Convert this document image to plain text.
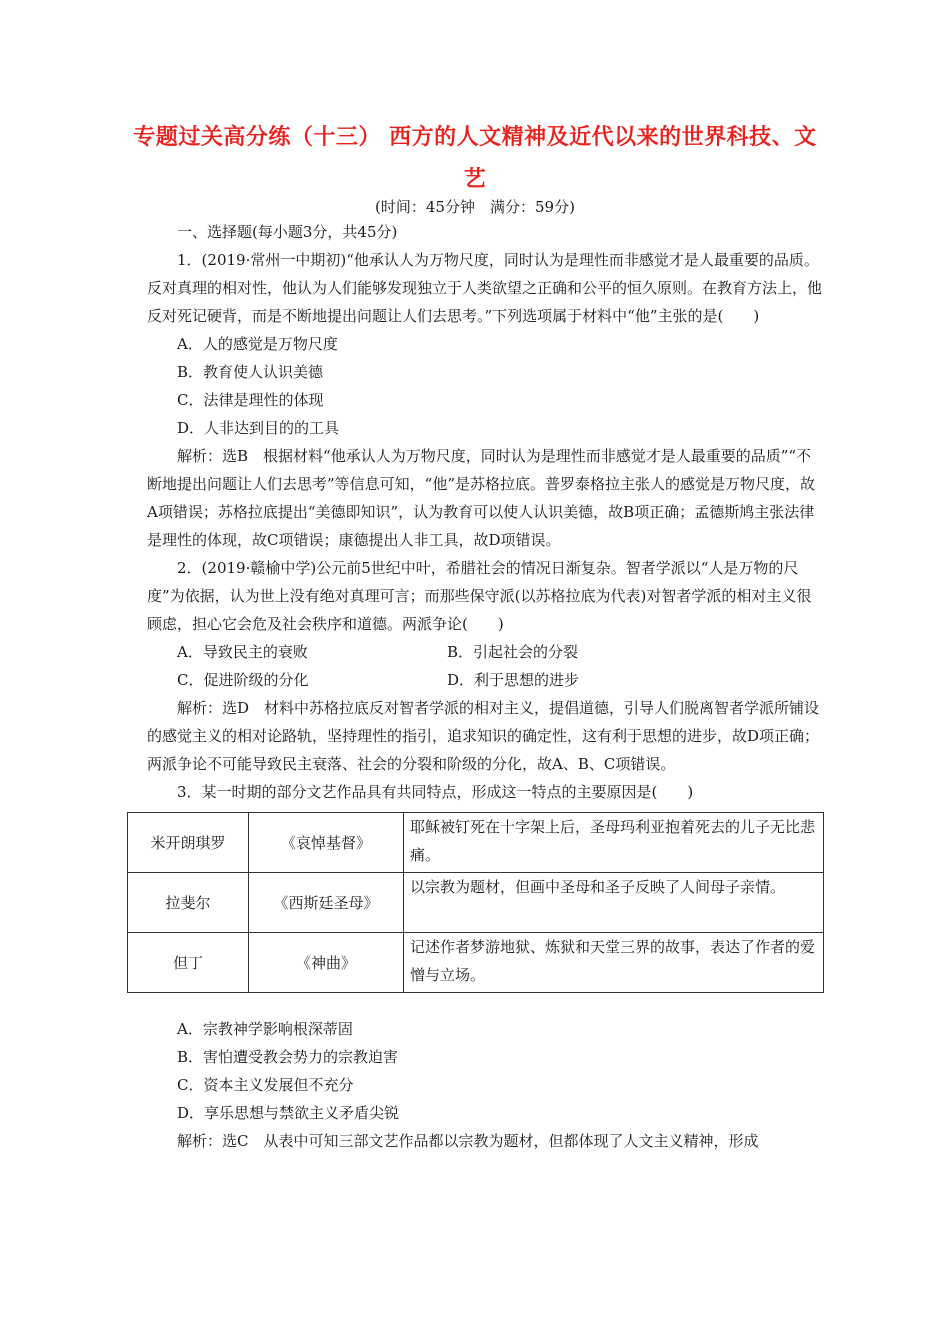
专题过关高分练（十三） 西方的人文精神及近代以来的世界科技、文艺
(时间：45分钟　满分：59分)

一、选择题(每小题3分，共45分)

1．(2019·常州一中期初)“他承认人为万物尺度，同时认为是理性而非感觉才是人最重要的品质。反对真理的相对性，他认为人们能够发现独立于人类欲望之正确和公平的恒久原则。在教育方法上，他反对死记硬背，而是不断地提出问题让人们去思考。”下列选项属于材料中“他”主张的是(　　)

A．人的感觉是万物尺度

B．教育使人认识美德

C．法律是理性的体现

D．人非达到目的的工具

解析：选B　根据材料“他承认人为万物尺度，同时认为是理性而非感觉才是人最重要的品质”“不断地提出问题让人们去思考”等信息可知，“他”是苏格拉底。普罗泰格拉主张人的感觉是万物尺度，故A项错误；苏格拉底提出“美德即知识”，认为教育可以使人认识美德，故B项正确；孟德斯鸠主张法律是理性的体现，故C项错误；康德提出人非工具，故D项错误。

2．(2019·赣榆中学)公元前5世纪中叶，希腊社会的情况日渐复杂。智者学派以“人是万物的尺度”为依据，认为世上没有绝对真理可言；而那些保守派(以苏格拉底为代表)对智者学派的相对主义很顾虑，担心它会危及社会秩序和道德。两派争论(　　)

A．导致民主的衰败	B．引起社会的分裂
C．促进阶级的分化	D．利于思想的进步

解析：选D　材料中苏格拉底反对智者学派的相对主义，提倡道德，引导人们脱离智者学派所铺设的感觉主义的相对论路轨，坚持理性的指引，追求知识的确定性，这有利于思想的进步，故D项正确；两派争论不可能导致民主衰落、社会的分裂和阶级的分化，故A、B、C项错误。

3．某一时期的部分文艺作品具有共同特点，形成这一特点的主要原因是(　　)

米开朗琪罗	《哀悼基督》	耶稣被钉死在十字架上后，圣母玛利亚抱着死去的儿子无比悲痛。
拉斐尔	《西斯廷圣母》	以宗教为题材，但画中圣母和圣子反映了人间母子亲情。
但丁	《神曲》	记述作者梦游地狱、炼狱和天堂三界的故事，表达了作者的爱憎与立场。

A．宗教神学影响根深蒂固

B．害怕遭受教会势力的宗教迫害

C．资本主义发展但不充分

D．享乐思想与禁欲主义矛盾尖锐

解析：选C　从表中可知三部文艺作品都以宗教为题材，但都体现了人文主义精神，形成
